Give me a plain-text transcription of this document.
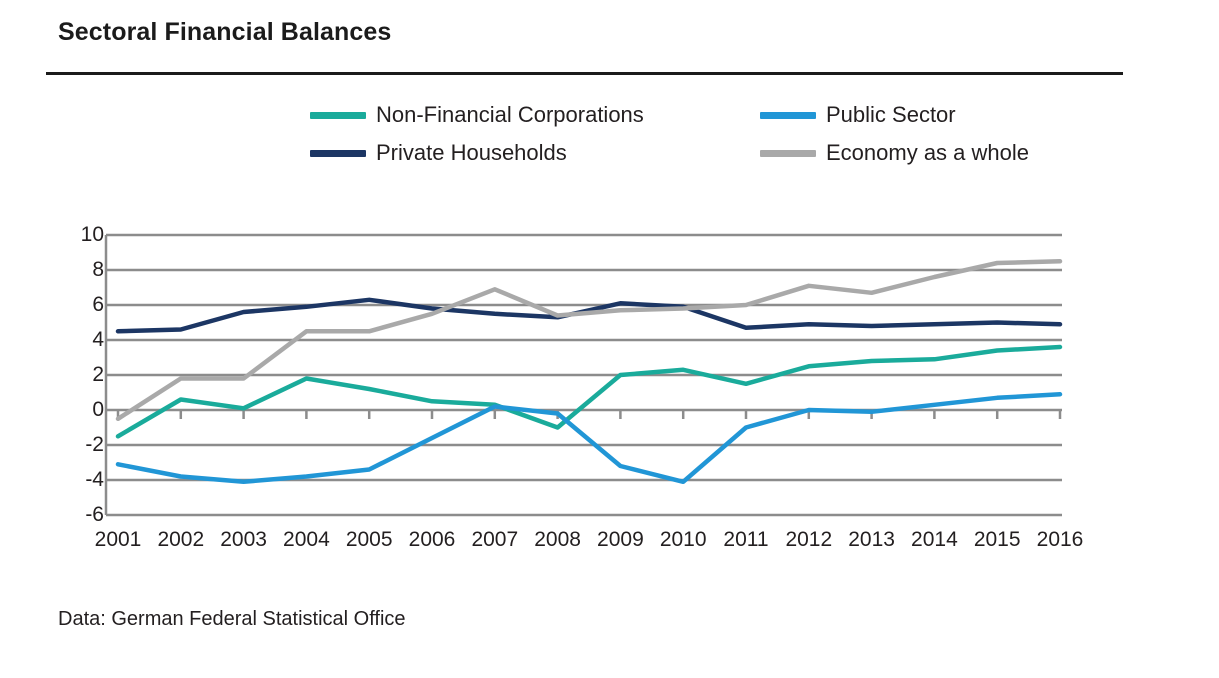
Sectoral Financial Balances
Non-Financial Corporations	Public Sector
Private Households	Economy as a whole
-6
-4
-2
0
2
4
6
8
10
2001 2002 2003 2004 2005 2006 2007 2008 2009 2010 2011 2012 2013 2014 2015 2016
Data: German Federal Statistical Office
